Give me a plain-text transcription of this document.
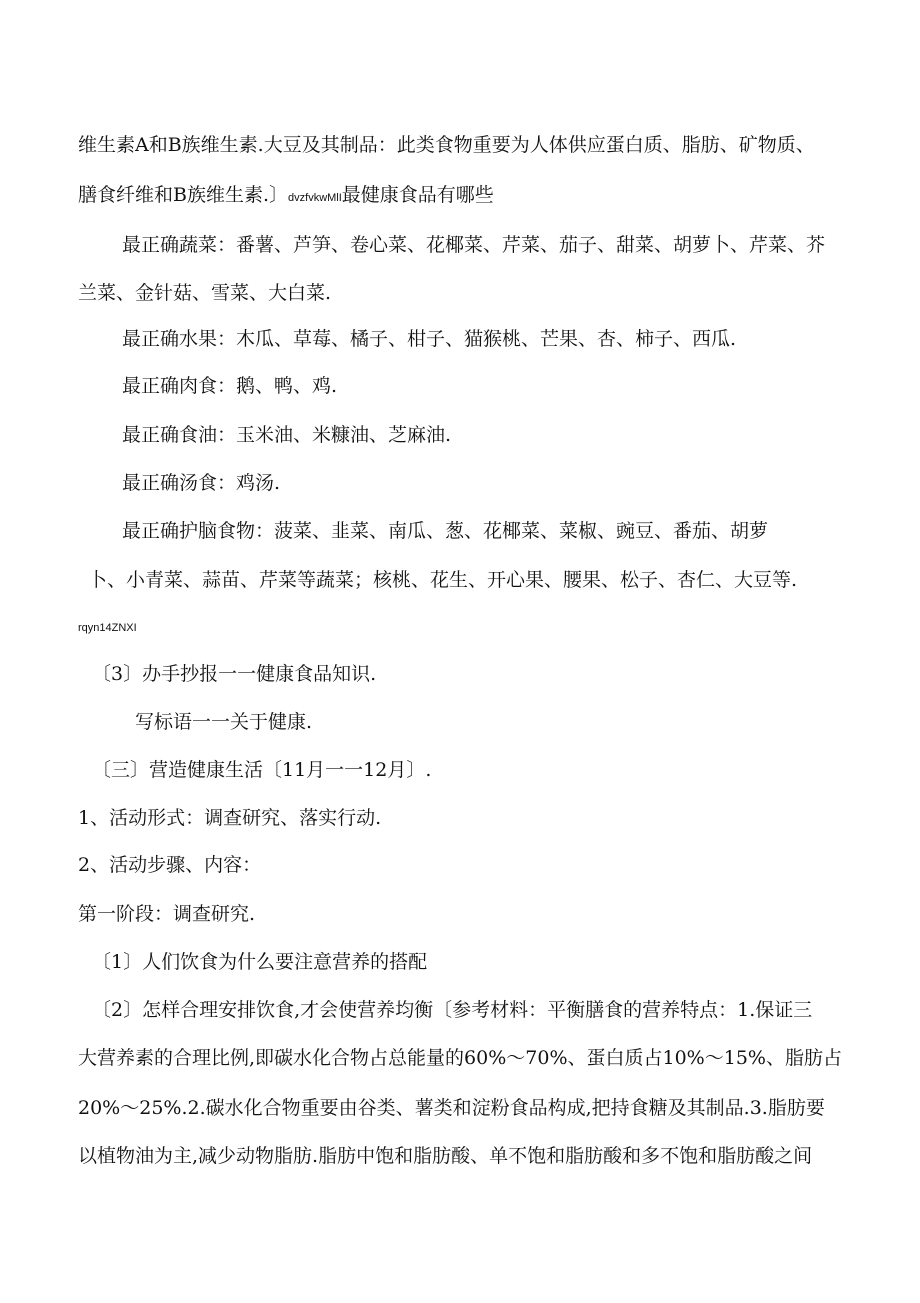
维生素A和B族维生素.大豆及其制品：此类食物重要为人体供应蛋白质、脂肪、矿物质、
膳食纤维和B族维生素.〕dvzfvkwMlI最健康食品有哪些
最正确蔬菜：番薯、芦笋、卷心菜、花椰菜、芹菜、茄子、甜菜、胡萝卜、芹菜、芥
兰菜、金针菇、雪菜、大白菜.
最正确水果：木瓜、草莓、橘子、柑子、猫猴桃、芒果、杏、柿子、西瓜.
最正确肉食：鹅、鸭、鸡.
最正确食油：玉米油、米糠油、芝麻油.
最正确汤食：鸡汤.
最正确护脑食物：菠菜、韭菜、南瓜、葱、花椰菜、菜椒、豌豆、番茄、胡萝
卜、小青菜、蒜苗、芹菜等蔬菜；核桃、花生、开心果、腰果、松子、杏仁、大豆等.
rqyn14ZNXI
〔3〕办手抄报一一健康食品知识.
写标语一一关于健康.
〔三〕营造健康生活〔11月一一12月〕.
1、活动形式：调查研究、落实行动.
2、活动步骤、内容：
第一阶段：调查研究.
〔1〕人们饮食为什么要注意营养的搭配
〔2〕怎样合理安排饮食,才会使营养均衡〔参考材料：平衡膳食的营养特点：1.保证三
大营养素的合理比例,即碳水化合物占总能量的60%〜70%、蛋白质占10%〜15%、脂肪占
20%〜25%.2.碳水化合物重要由谷类、薯类和淀粉食品构成,把持食糖及其制品.3.脂肪要
以植物油为主,减少动物脂肪.脂肪中饱和脂肪酸、单不饱和脂肪酸和多不饱和脂肪酸之间
